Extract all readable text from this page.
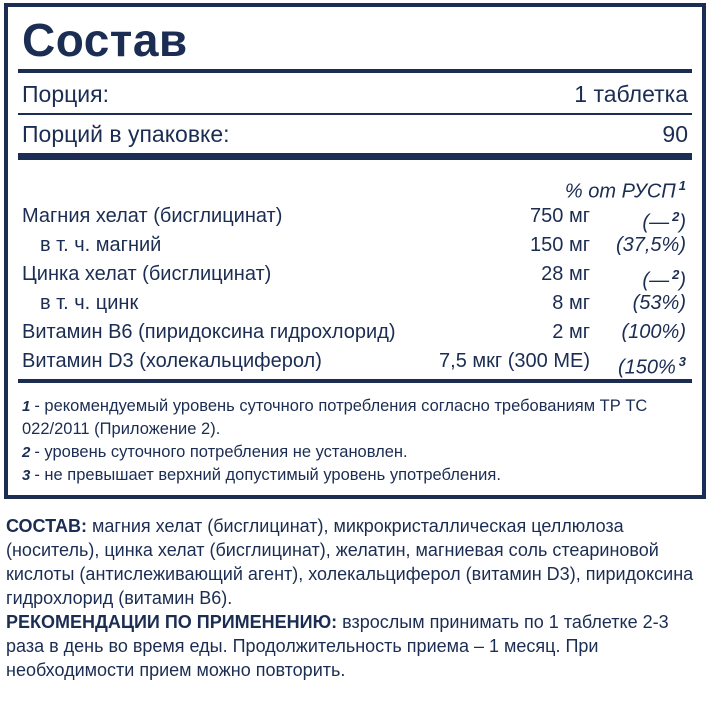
Состав
Порция:	1 таблетка
Порций в упаковке:	90
% от РУСП $^1$
Магния хелат (бисглицинат)	750 мг	(— $^2$)
в т. ч. магний	150 мг (37,5%)
Цинка хелат (бисглицинат)	28 мг	(— $^2$)
в т. ч. цинк	8 мг (53%)
Витамин В6 (пиридоксина гидрохлорид)	2 мг (100%)
Витамин D3 (холекальциферол)	7,5 мкг (300 МЕ) (150% $^3$

1 - рекомендуемый уровень суточного потребления согласно требованиям ТР ТС 022/2011 (Приложение 2).

2 - уровень суточного потребления не установлен.

3 - не превышает верхний допустимый уровень употребления.

СОСТАВ: магния хелат (бисглицинат), микрокристаллическая целлюлоза (носитель), цинка хелат (бисглицинат), желатин, магниевая соль стеариновой кислоты (антислеживающий агент), холекальциферол (витамин D3), пиридоксина гидрохлорид (витамин В6).

РЕКОМЕНДАЦИИ ПО ПРИМЕНЕНИЮ: взрослым принимать по 1 таблетке 2-3 раза в день во время еды. Продолжительность приема – 1 месяц. При необходимости прием можно повторить.
